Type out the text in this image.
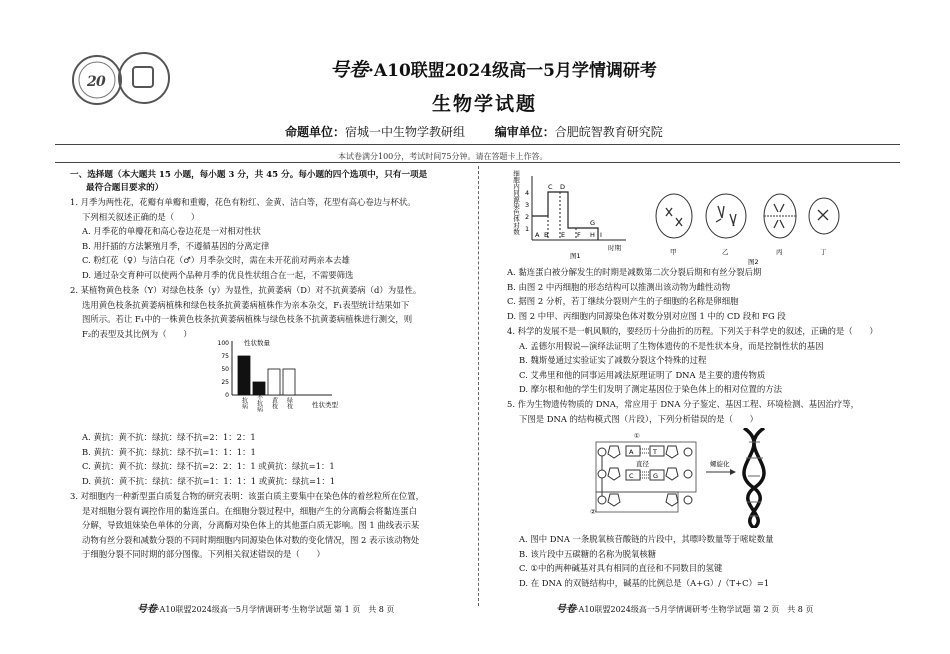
2 0
号卷·A10联盟2024级高一5月学情调研考
生物学试题
命题单位：宿城一中生物学教研组 编审单位：合肥皖智教育研究院
本试卷满分100分，考试时间75分钟。请在答题卡上作答。
一、选择题（本大题共 15 小题，每小题 3 分，共 45 分。每小题的四个选项中，只有一项是
最符合题目要求的）
1. 月季为两性花，花瓣有单瓣和重瓣，花色有粉红、金黄、洁白等，花型有高心卷边与杯状。
下列相关叙述正确的是（　　）
A. 月季花的单瓣花和高心卷边花是一对相对性状
B. 用扦插的方法繁殖月季，不遵循基因的分离定律
C. 粉红花（♀）与洁白花（♂）月季杂交时，需在未开花前对两亲本去雄
D. 通过杂交育种可以使两个品种月季的优良性状组合在一起，不需要筛选
2. 某植物黄色枝条（Y）对绿色枝条（y）为显性，抗黄萎病（D）对不抗黄萎病（d）为显性。
选用黄色枝条抗黄萎病植株和绿色枝条抗黄萎病植株作为亲本杂交，F₁表型统计结果如下
图所示。若让 F₁中的一株黄色枝条抗黄萎病植株与绿色枝条不抗黄萎病植株进行测交，则
F₂的表型及其比例为（　　）
0
25
50
75
100
抗病 不抗病 黄枝 绿枝
性状数量
性状类型
A. 黄抗：黄不抗：绿抗：绿不抗=2：1：2：1
B. 黄抗：黄不抗：绿抗：绿不抗=1：1：1：1
C. 黄抗：黄不抗：绿抗：绿不抗=2：2：1：1 或黄抗：绿抗=1：1
D. 黄抗：黄不抗：绿抗：绿不抗=1：1：1：1 或黄抗：绿抗=1：1
3. 对细胞内一种新型蛋白质复合物的研究表明：该蛋白质主要集中在染色体的着丝粒所在位置，
是对细胞分裂有调控作用的黏连蛋白。在细胞分裂过程中，细胞产生的分离酶会将黏连蛋白
分解，导致姐妹染色单体的分离，分离酶对染色体上的其他蛋白质无影响。图 1 曲线表示某
动物有丝分裂和减数分裂的不同时期细胞内同源染色体对数的变化情况，图 2 表示该动物处
于细胞分裂不同时期的部分图像。下列相关叙述错误的是（　　）
细胞内同源染色体对数 4
3
2
1
A B
C D
E F
G
H I
时期
图1	甲	乙	丙	丁
图2
A. 黏连蛋白被分解发生的时期是减数第二次分裂后期和有丝分裂后期
B. 由图 2 中丙细胞的形态结构可以推测出该动物为雌性动物
C. 据图 2 分析，若丁继续分裂则产生的子细胞的名称是卵细胞
D. 图 2 中甲、丙细胞内同源染色体对数分别对应图 1 中的 CD 段和 FG 段
4. 科学的发展不是一帆风顺的，要经历十分曲折的历程。下列关于科学史的叙述，正确的是（　　）
A. 孟德尔用假说—演绎法证明了生物体遗传的不是性状本身，而是控制性状的基因
B. 魏斯曼通过实验证实了减数分裂这个特殊的过程
C. 艾弗里和他的同事运用减法原理证明了 DNA 是主要的遗传物质
D. 摩尔根和他的学生们发明了测定基因位于染色体上的相对位置的方法
5. 作为生物遗传物质的 DNA，常应用于 DNA 分子鉴定、基因工程、环境检测、基因治疗等，
下图是 DNA 的结构模式图（片段），下列分析错误的是（　　）
①
A	T
直径
C	G
②
螺旋化
A. 图中 DNA 一条脱氧核苷酸链的片段中，其嘌呤数量等于嘧啶数量
B. 该片段中五碳糖的名称为脱氧核糖
C. ①中的两种碱基对具有相同的直径和不同数目的氢键
D. 在 DNA 的双链结构中，碱基的比例总是（A+G）/（T+C）=1
号卷·A10联盟2024级高一5月学情调研考·生物学试题 第 1 页　共 8 页	号卷·A10联盟2024级高一5月学情调研考·生物学试题 第 2 页　共 8 页
